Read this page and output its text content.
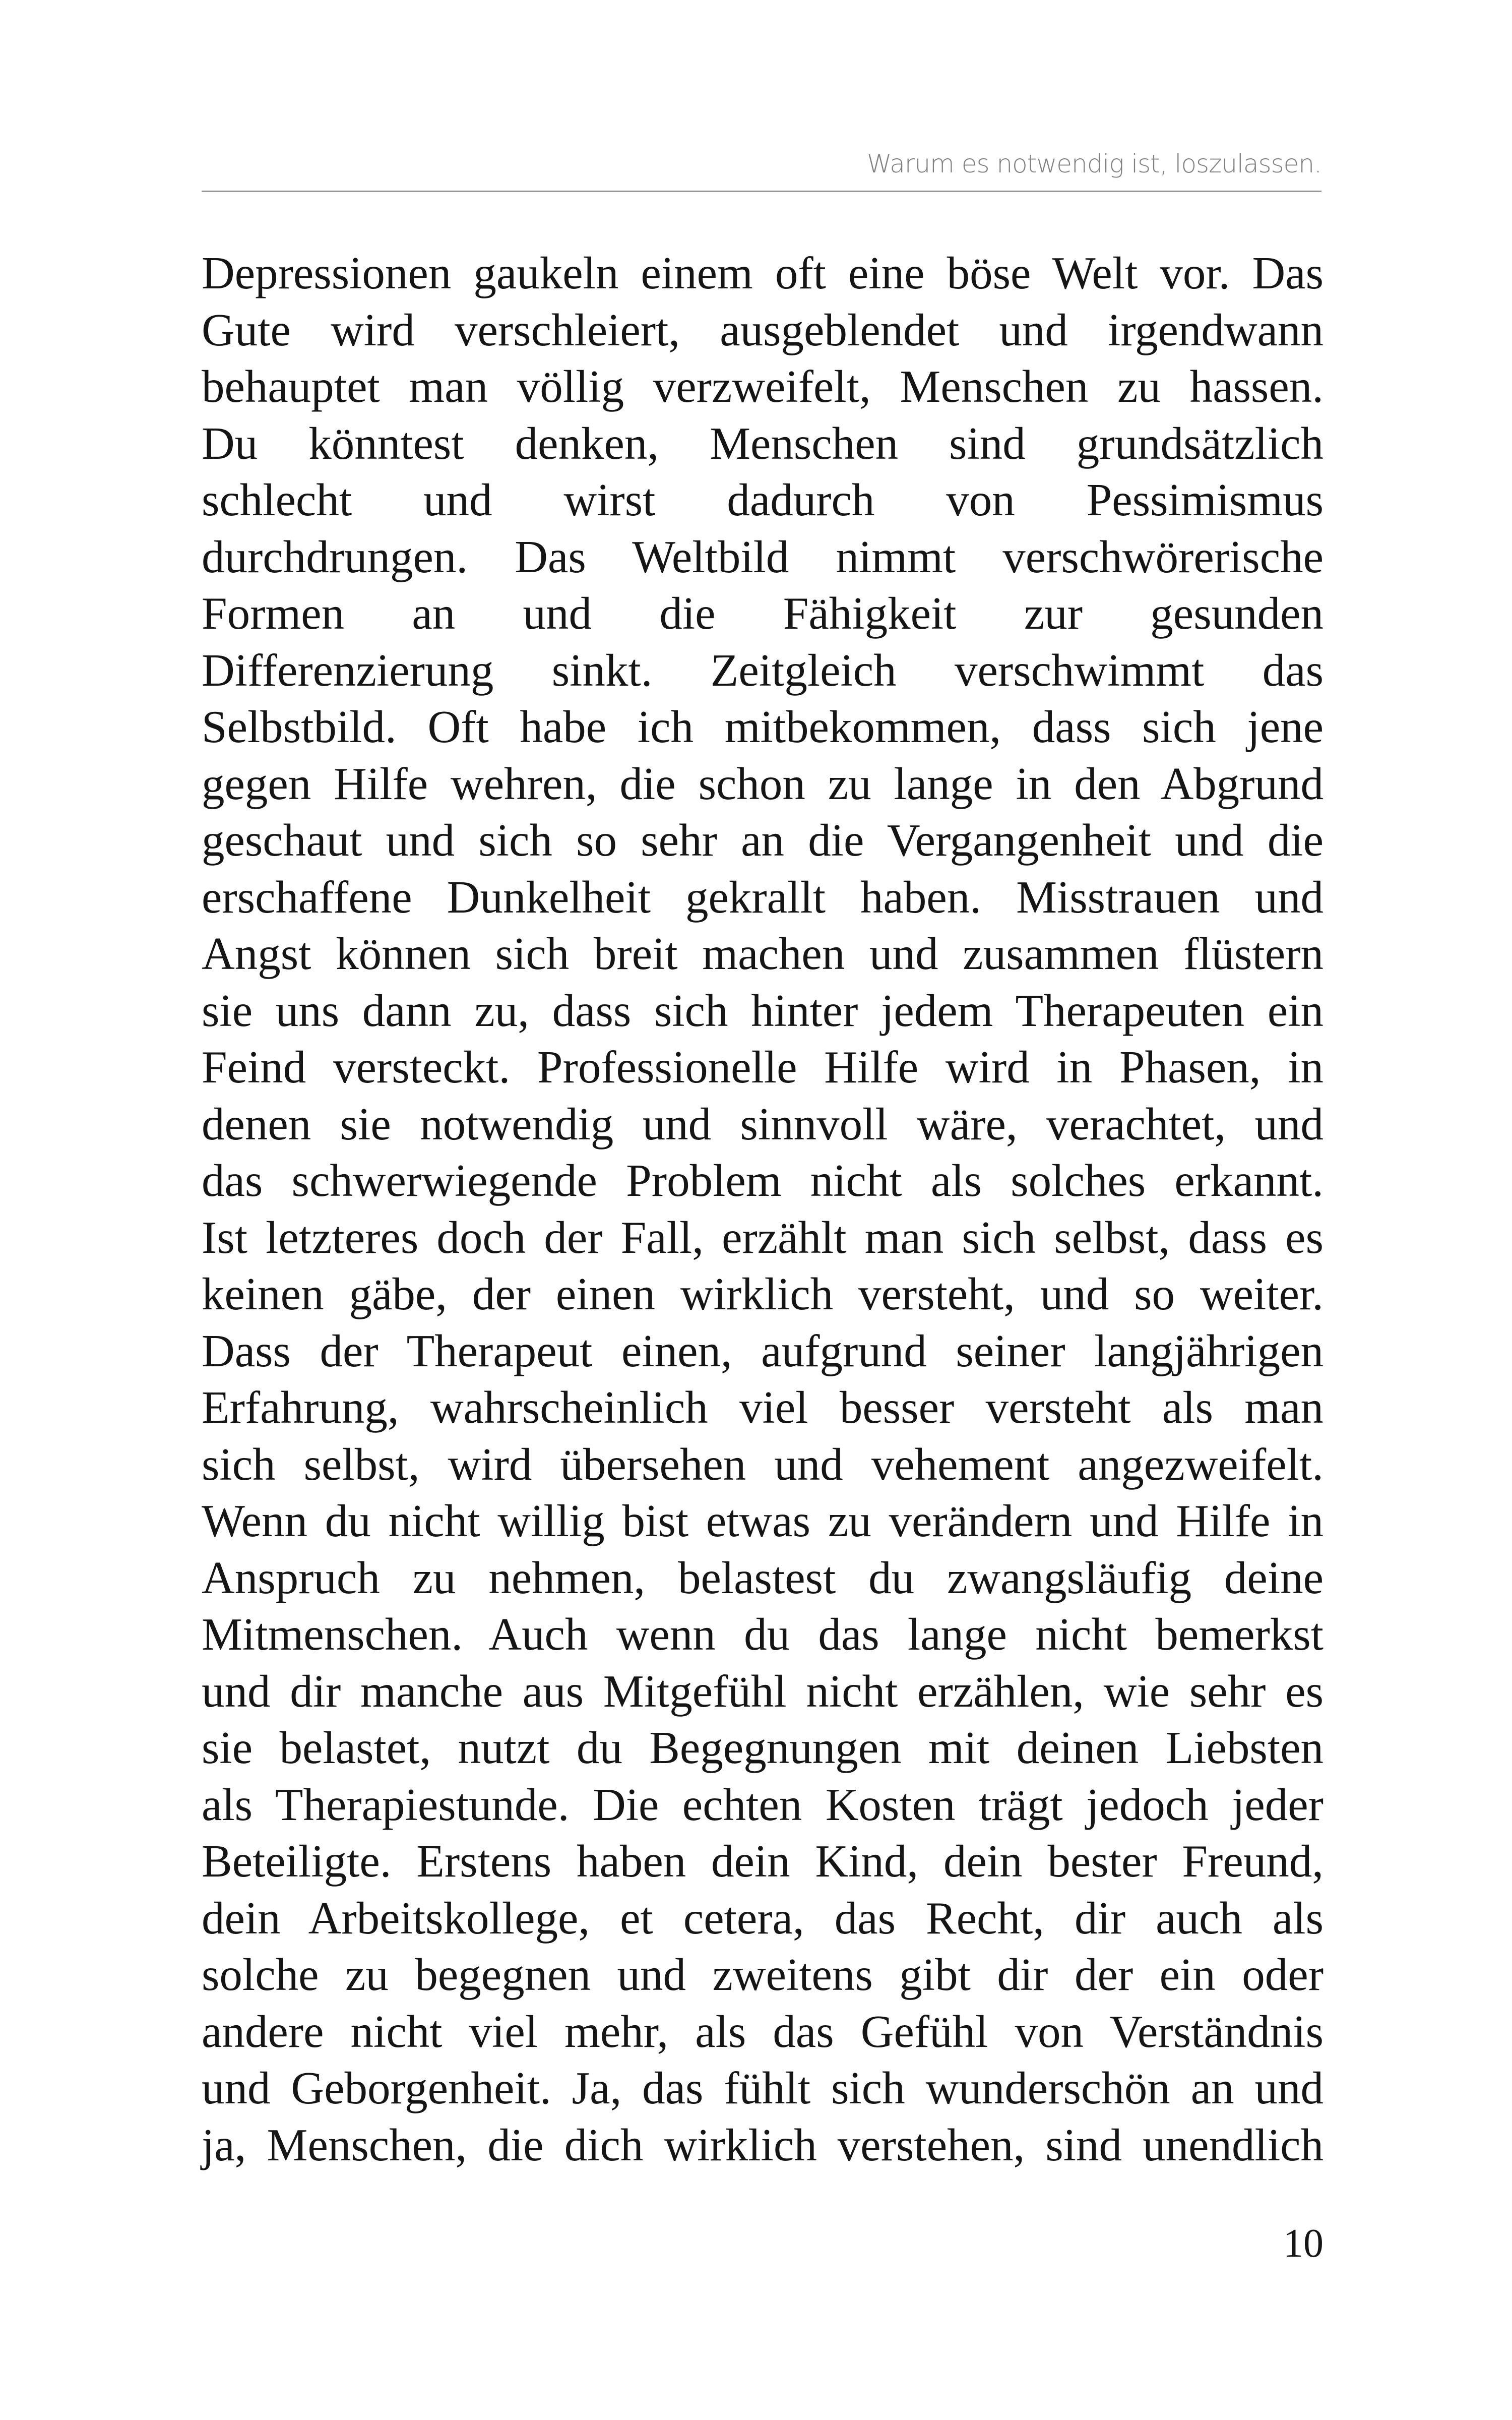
Warum es notwendig ist, loszulassen.
Depressionen gaukeln einem oft eine böse Welt vor. Das
Gute wird verschleiert, ausgeblendet und irgendwann
behauptet man völlig verzweifelt, Menschen zu hassen.
Du könntest denken, Menschen sind grundsätzlich
schlecht und wirst dadurch von Pessimismus
durchdrungen. Das Weltbild nimmt verschwörerische
Formen an und die Fähigkeit zur gesunden
Differenzierung sinkt. Zeitgleich verschwimmt das
Selbstbild. Oft habe ich mitbekommen, dass sich jene
gegen Hilfe wehren, die schon zu lange in den Abgrund
geschaut und sich so sehr an die Vergangenheit und die
erschaffene Dunkelheit gekrallt haben. Misstrauen und
Angst können sich breit machen und zusammen flüstern
sie uns dann zu, dass sich hinter jedem Therapeuten ein
Feind versteckt. Professionelle Hilfe wird in Phasen, in
denen sie notwendig und sinnvoll wäre, verachtet, und
das schwerwiegende Problem nicht als solches erkannt.
Ist letzteres doch der Fall, erzählt man sich selbst, dass es
keinen gäbe, der einen wirklich versteht, und so weiter.
Dass der Therapeut einen, aufgrund seiner langjährigen
Erfahrung, wahrscheinlich viel besser versteht als man
sich selbst, wird übersehen und vehement angezweifelt.
Wenn du nicht willig bist etwas zu verändern und Hilfe in
Anspruch zu nehmen, belastest du zwangsläufig deine
Mitmenschen. Auch wenn du das lange nicht bemerkst
und dir manche aus Mitgefühl nicht erzählen, wie sehr es
sie belastet, nutzt du Begegnungen mit deinen Liebsten
als Therapiestunde. Die echten Kosten trägt jedoch jeder
Beteiligte. Erstens haben dein Kind, dein bester Freund,
dein Arbeitskollege, et cetera, das Recht, dir auch als
solche zu begegnen und zweitens gibt dir der ein oder
andere nicht viel mehr, als das Gefühl von Verständnis
und Geborgenheit. Ja, das fühlt sich wunderschön an und
ja, Menschen, die dich wirklich verstehen, sind unendlich
10
